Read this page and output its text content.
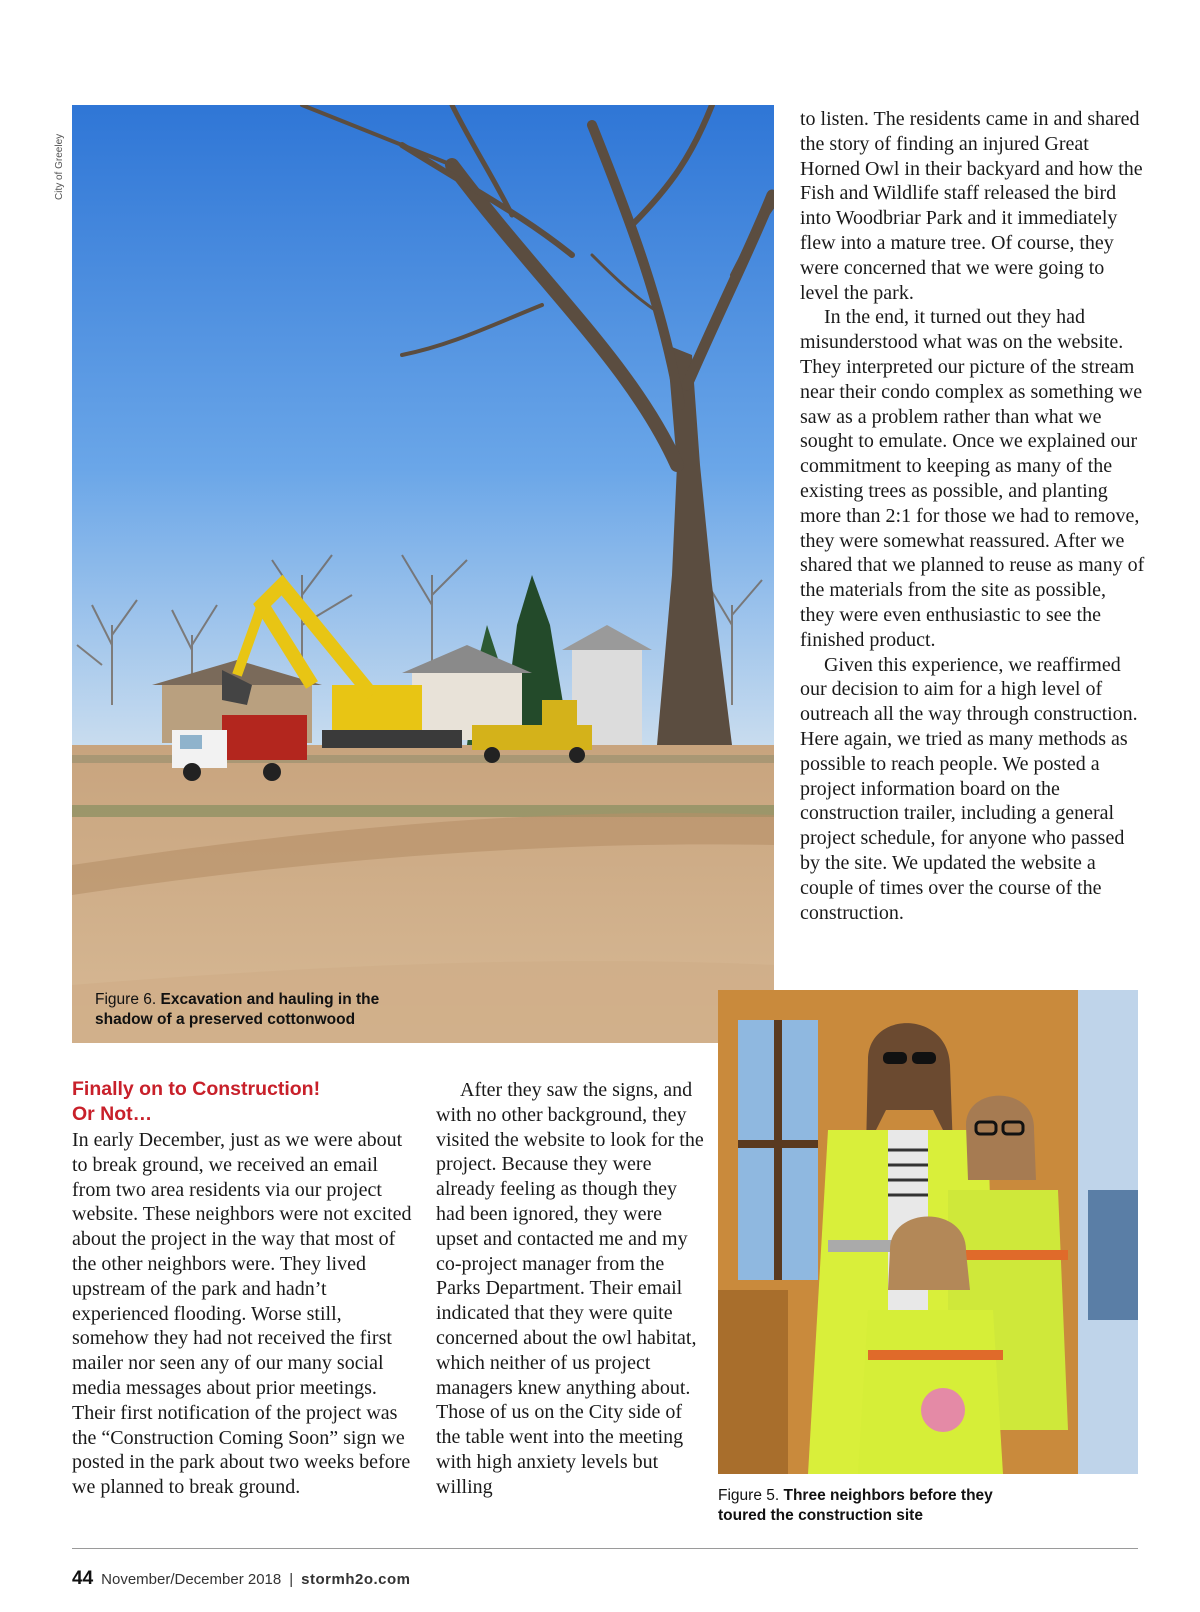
City of Greeley
Figure 6. Excavation and hauling in the shadow of a preserved cottonwood

to listen. The residents came in and shared the story of finding an injured Great Horned Owl in their backyard and how the Fish and Wildlife staff released the bird into Woodbriar Park and it immediately flew into a mature tree. Of course, they were concerned that we were going to level the park.

In the end, it turned out they had misunderstood what was on the website. They interpreted our picture of the stream near their condo complex as something we saw as a problem rather than what we sought to emulate. Once we explained our commitment to keeping as many of the existing trees as possible, and planting more than 2:1 for those we had to remove, they were somewhat reassured. After we shared that we planned to reuse as many of the materials from the site as possible, they were even enthusiastic to see the finished product.

Given this experience, we reaffirmed our decision to aim for a high level of outreach all the way through construction. Here again, we tried as many methods as possible to reach people. We posted a project information board on the construction trailer, including a general project schedule, for anyone who passed by the site. We updated the website a couple of times over the course of the construction.

Finally on to Construction!
Or Not…

In early December, just as we were about to break ground, we received an email from two area residents via our project website. These neighbors were not excited about the project in the way that most of the other neighbors were. They lived upstream of the park and hadn’t experienced flooding. Worse still, somehow they had not received the first mailer nor seen any of our many social media messages about prior meetings. Their first notification of the project was the “Construction Coming Soon” sign we posted in the park about two weeks before we planned to break ground.

After they saw the signs, and with no other background, they visited the website to look for the project. Because they were already feeling as though they had been ignored, they were upset and contacted me and my co-project manager from the Parks Department. Their email indicated that they were quite concerned about the owl habitat, which neither of us project managers knew anything about. Those of us on the City side of the table went into the meeting with high anxiety levels but willing	Figure 5. Three neighbors before they toured the construction site
44 November/December 2018 | stormh2o.com
